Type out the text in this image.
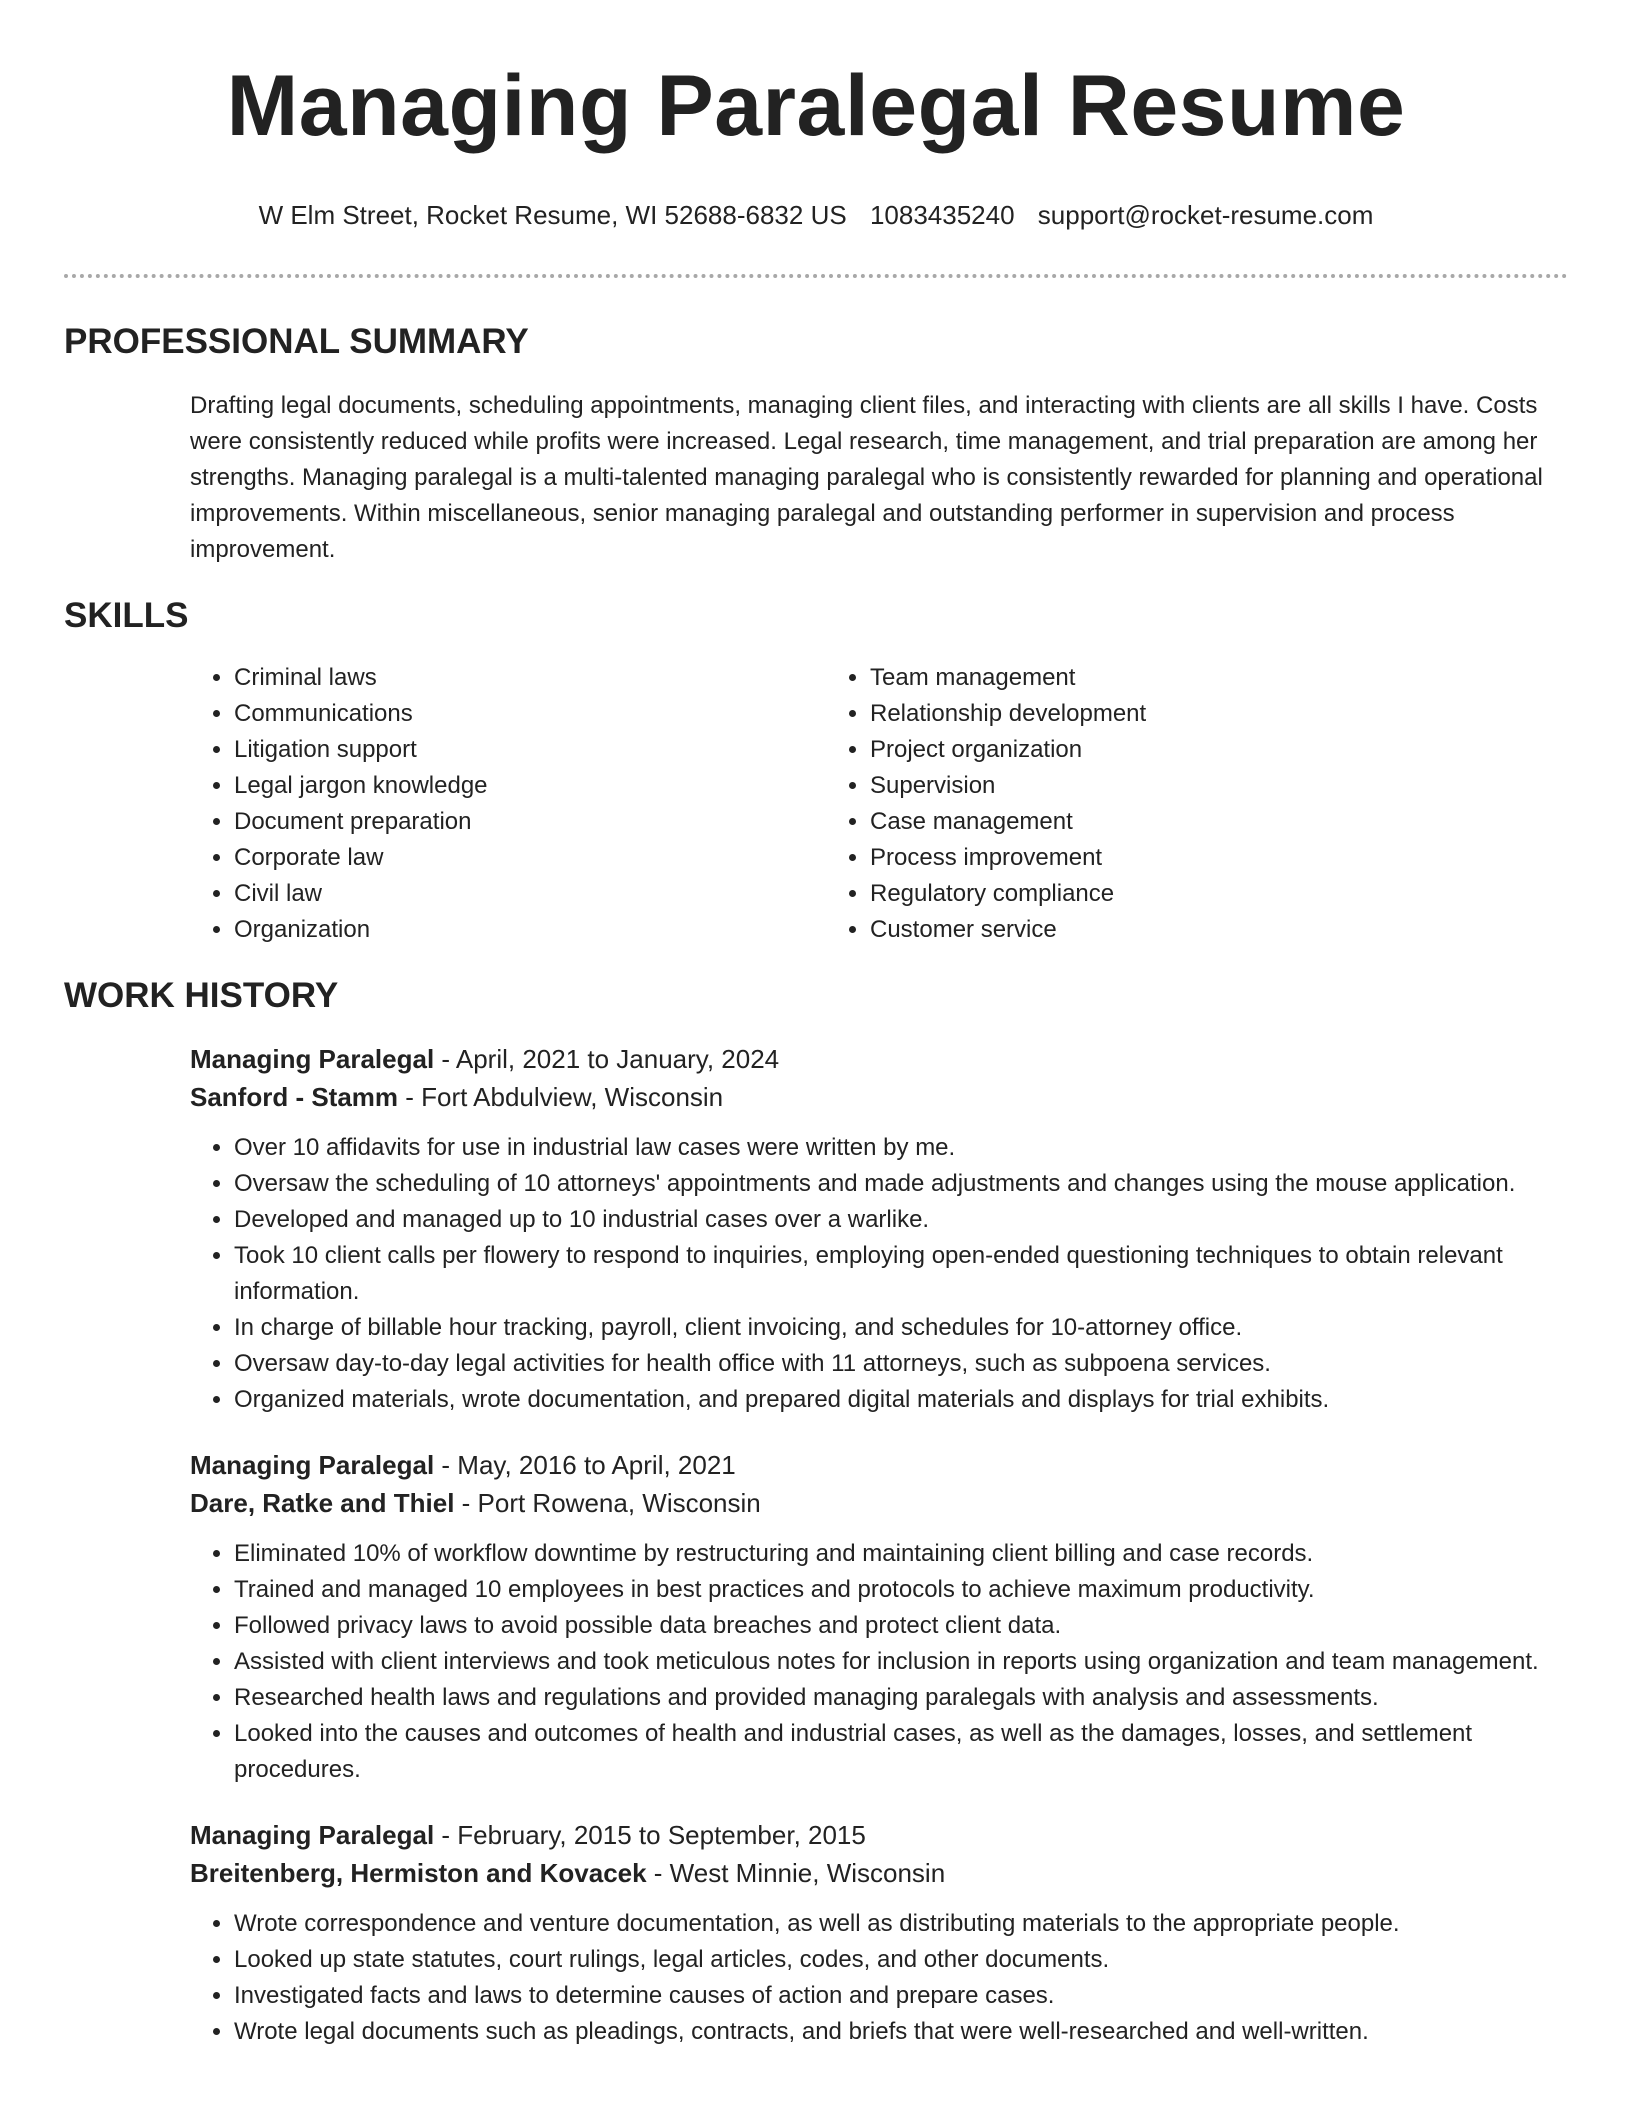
Managing Paralegal Resume
W Elm Street, Rocket Resume, WI 52688-6832 US 1083435240 support@rocket-resume.com
PROFESSIONAL SUMMARY

Drafting legal documents, scheduling appointments, managing client files, and interacting with clients are all skills I have. Costs were consistently reduced while profits were increased. Legal research, time management, and trial preparation are among her strengths. Managing paralegal is a multi-talented managing paralegal who is consistently rewarded for planning and operational improvements. Within miscellaneous, senior managing paralegal and outstanding performer in supervision and process improvement.

SKILLS
• Criminal laws
• Communications
• Litigation support
• Legal jargon knowledge
• Document preparation
• Corporate law
• Civil law
• Organization
• Team management
• Relationship development
• Project organization
• Supervision
• Case management
• Process improvement
• Regulatory compliance
• Customer service
WORK HISTORY
Managing Paralegal - April, 2021 to January, 2024
Sanford - Stamm - Fort Abdulview, Wisconsin
• Over 10 affidavits for use in industrial law cases were written by me.
• Oversaw the scheduling of 10 attorneys' appointments and made adjustments and changes using the mouse application.
• Developed and managed up to 10 industrial cases over a warlike.
• Took 10 client calls per flowery to respond to inquiries, employing open-ended questioning techniques to obtain relevant information.
• In charge of billable hour tracking, payroll, client invoicing, and schedules for 10-attorney office.
• Oversaw day-to-day legal activities for health office with 11 attorneys, such as subpoena services.
• Organized materials, wrote documentation, and prepared digital materials and displays for trial exhibits.
Managing Paralegal - May, 2016 to April, 2021
Dare, Ratke and Thiel - Port Rowena, Wisconsin
• Eliminated 10% of workflow downtime by restructuring and maintaining client billing and case records.
• Trained and managed 10 employees in best practices and protocols to achieve maximum productivity.
• Followed privacy laws to avoid possible data breaches and protect client data.
• Assisted with client interviews and took meticulous notes for inclusion in reports using organization and team management.
• Researched health laws and regulations and provided managing paralegals with analysis and assessments.
• Looked into the causes and outcomes of health and industrial cases, as well as the damages, losses, and settlement procedures.
Managing Paralegal - February, 2015 to September, 2015
Breitenberg, Hermiston and Kovacek - West Minnie, Wisconsin
• Wrote correspondence and venture documentation, as well as distributing materials to the appropriate people.
• Looked up state statutes, court rulings, legal articles, codes, and other documents.
• Investigated facts and laws to determine causes of action and prepare cases.
• Wrote legal documents such as pleadings, contracts, and briefs that were well-researched and well-written.
